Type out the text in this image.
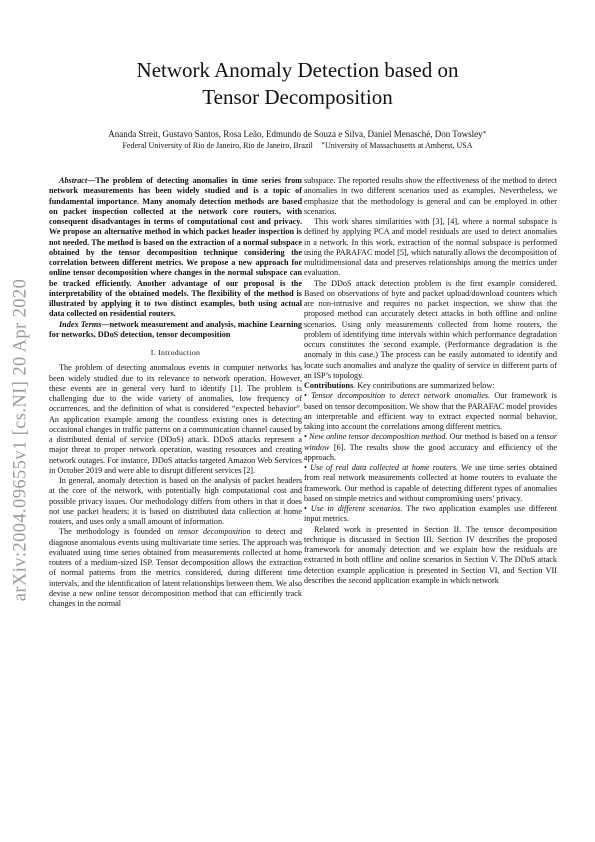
arXiv:2004.09655v1 [cs.NI] 20 Apr 2020
Network Anomaly Detection based on
Tensor Decomposition
Ananda Streit, Gustavo Santos, Rosa Leão, Edmundo de Souza e Silva, Daniel Menasché, Don Towsley∗
Federal University of Rio de Janeiro, Rio de Janeiro, Brazil ∗University of Massachusetts at Amherst, USA

Abstract—The problem of detecting anomalies in time series from network measurements has been widely studied and is a topic of fundamental importance. Many anomaly detection methods are based on packet inspection collected at the network core routers, with consequent disadvantages in terms of computational cost and privacy. We propose an alternative method in which packet header inspection is not needed. The method is based on the extraction of a normal subspace obtained by the tensor decomposition technique considering the correlation between different metrics. We propose a new approach for online tensor decomposition where changes in the normal subspace can be tracked efficiently. Another advantage of our proposal is the interpretability of the obtained models. The flexibility of the method is illustrated by applying it to two distinct examples, both using actual data collected on residential routers.

Index Terms—network measurement and analysis, machine Learning for networks, DDoS detection, tensor decomposition

I. Introduction

The problem of detecting anomalous events in computer networks has been widely studied due to its relevance to network operation. However, these events are in general very hard to identify [1]. The problem is challenging due to the wide variety of anomalies, low frequency of occurrences, and the definition of what is considered “expected behavior”. An application example among the countless existing ones is detecting occasional changes in traffic patterns on a communication channel caused by a distributed denial of service (DDoS) attack. DDoS attacks represent a major threat to proper network operation, wasting resources and creating network outages. For instance, DDoS attacks targeted Amazon Web Services in October 2019 and were able to disrupt different services [2].

In general, anomaly detection is based on the analysis of packet headers at the core of the network, with potentially high computational cost and possible privacy issues. Our methodology differs from others in that it does not use packet headers; it is based on distributed data collection at home routers, and uses only a small amount of information.

The methodology is founded on tensor decomposition to detect and diagnose anomalous events using multivariate time series. The approach was evaluated using time series obtained from measurements collected at home routers of a medium-sized ISP. Tensor decomposition allows the extraction of normal patterns from the metrics considered, during different time intervals, and the identification of latent relationships between them. We also devise a new online tensor decomposition method that can efficiently track changes in the normal

subspace. The reported results show the effectiveness of the method to detect anomalies in two different scenarios used as examples. Nevertheless, we emphasize that the methodology is general and can be employed in other scenarios.

This work shares similarities with [3], [4], where a normal subspace is defined by applying PCA and model residuals are used to detect anomalies in a network. In this work, extraction of the normal subspace is performed using the PARAFAC model [5], which naturally allows the decomposition of multidimensional data and preserves relationships among the metrics under evaluation.

The DDoS attack detection problem is the first example considered. Based on observations of byte and packet upload/download counters which are non-intrusive and requires no packet inspection, we show that the proposed method can accurately detect attacks in both offline and online scenarios. Using only measurements collected from home routers, the problem of identifying time intervals within which performance degradation occurs constitutes the second example. (Performance degradation is the anomaly in this case.) The process can be easily automated to identify and locate such anomalies and analyze the quality of service in different parts of an ISP’s topology.

Contributions. Key contributions are summarized below:

• Tensor decomposition to detect network anomalies. Our framework is based on tensor decomposition. We show that the PARAFAC model provides an interpretable and efficient way to extract expected normal behavior, taking into account the correlations among different metrics.

• New online tensor decomposition method. Our method is based on a tensor window [6]. The results show the good accuracy and efficiency of the approach.

• Use of real data collected at home routers. We use time series obtained from real network measurements collected at home routers to evaluate the framework. Our method is capable of detecting different types of anomalies based on simple metrics and without compromising users’ privacy.

• Use in different scenarios. The two application examples use different input metrics.

Related work is presented in Section II. The tensor decomposition technique is discussed in Section III. Section IV describes the proposed framework for anomaly detection and we explain how the residuals are extracted in both offline and online scenarios in Section V. The DDoS attack detection example application is presented in Section VI, and Section VII describes the second application example in which network
